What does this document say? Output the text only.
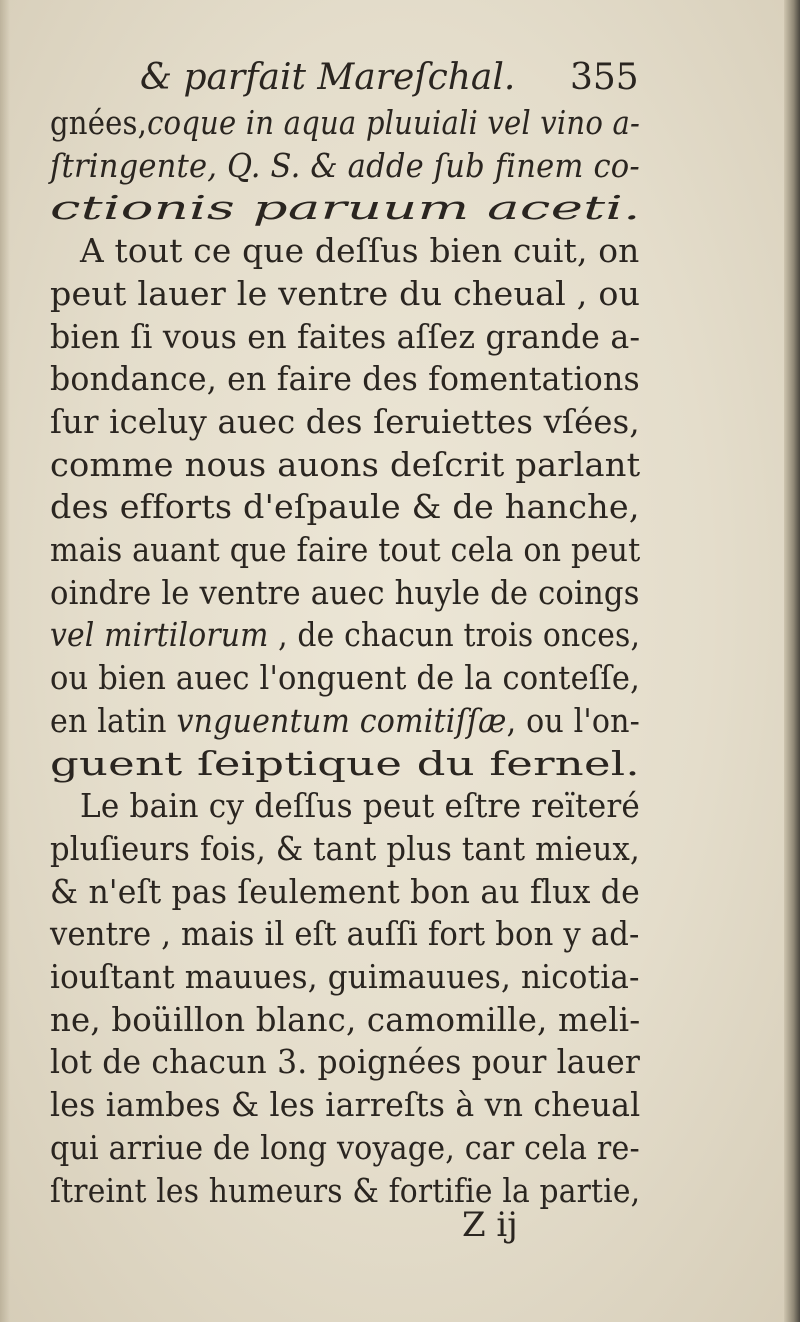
& parfait Mareſchal. 355
gnées,coque in aqua pluuiali vel vino a-
ſtringente, Q. S. & adde ſub finem co-
ctionis paruum aceti.
A tout ce que deſſus bien cuit, on
peut lauer le ventre du cheual , ou
bien ſi vous en faites aſſez grande a-
bondance, en faire des fomentations
ſur iceluy auec des ſeruiettes vſées,
comme nous auons deſcrit parlant
des efforts d'eſpaule & de hanche,
mais auant que faire tout cela on peut
oindre le ventre auec huyle de coings
vel mirtilorum , de chacun trois onces,
ou bien auec l'onguent de la conteſſe,
en latin vnguentum comitiſſæ, ou l'on-
guent ſeiptique du fernel.
Le bain cy deſſus peut eſtre reïteré
pluſieurs fois, & tant plus tant mieux,
& n'eſt pas ſeulement bon au flux de
ventre , mais il eſt auſſi fort bon y ad-
iouſtant mauues, guimauues, nicotia-
ne, boüillon blanc, camomille, meli-
lot de chacun 3. poignées pour lauer
les iambes & les iarreſts à vn cheual
qui arriue de long voyage, car cela re-
ſtreint les humeurs & fortifie la partie,
Z ij
